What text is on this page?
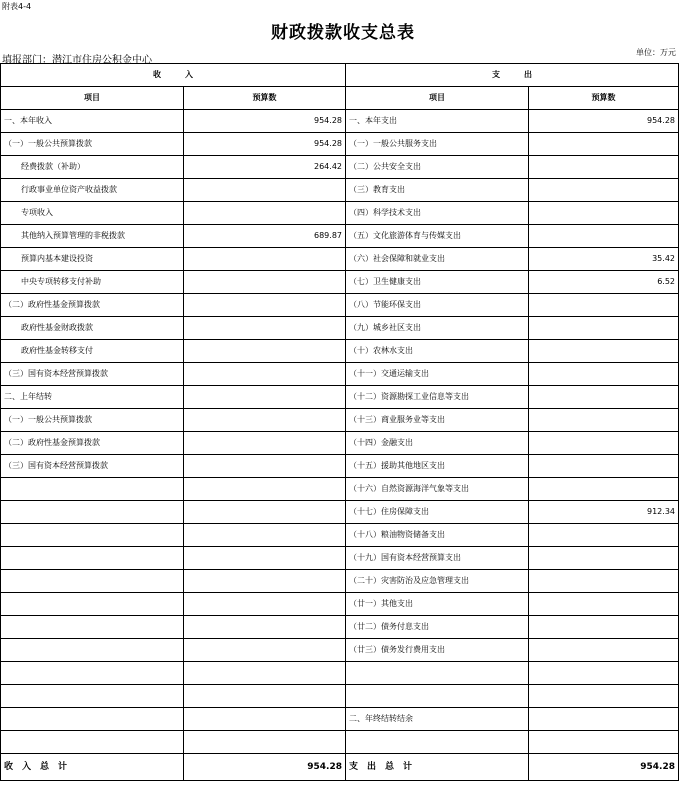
附表4-4
财政拨款收支总表
填报部门：潜江市住房公积金中心
单位：万元
收　　　入		支　　　出	
项目	预算数	项目	预算数
一、本年收入	954.28	一、本年支出	954.28
（一）一般公共预算拨款	954.28	（一）一般公共服务支出	
经费拨款（补助）	264.42	（二）公共安全支出	
行政事业单位资产收益拨款		（三）教育支出	
专项收入		（四）科学技术支出	
其他纳入预算管理的非税拨款	689.87	（五）文化旅游体育与传媒支出	
预算内基本建设投资		（六）社会保障和就业支出	35.42
中央专项转移支付补助		（七）卫生健康支出	6.52
（二）政府性基金预算拨款		（八）节能环保支出	
政府性基金财政拨款		（九）城乡社区支出	
政府性基金转移支付		（十）农林水支出	
（三）国有资本经营预算拨款		（十一）交通运输支出	
二、上年结转		（十二）资源勘探工业信息等支出	
（一）一般公共预算拨款		（十三）商业服务业等支出	
（二）政府性基金预算拨款		（十四）金融支出	
（三）国有资本经营预算拨款		（十五）援助其他地区支出	
		（十六）自然资源海洋气象等支出	
		（十七）住房保障支出	912.34
		（十八）粮油物资储备支出	
		（十九）国有资本经营预算支出	
		（二十）灾害防治及应急管理支出	
		（廿一）其他支出	
		（廿二）债务付息支出	
		（廿三）债务发行费用支出	

		二、年终结转结余	

收　入　总　计	954.28	支　出　总　计	954.28
